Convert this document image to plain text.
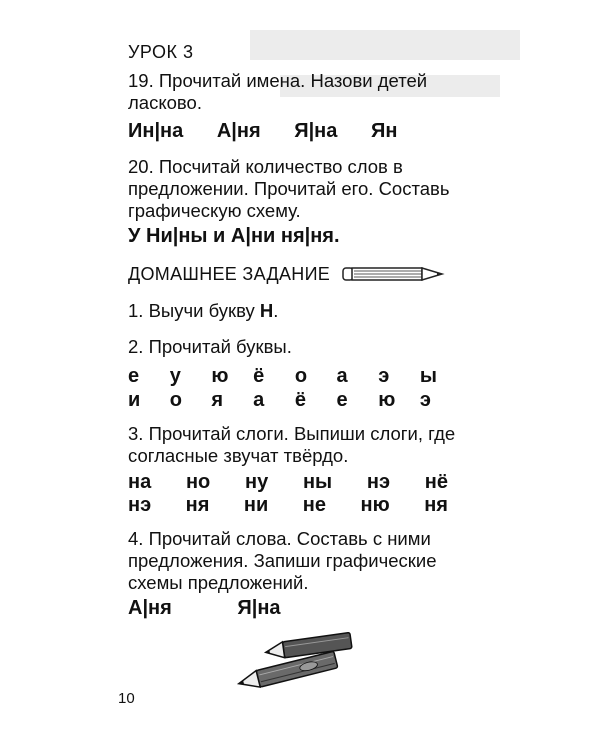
УРОК 3
19. Прочитай имена. Назови детей ласково.
Ин|на А|ня Я|на Ян
20. Посчитай количество слов в предложении. Прочитай его. Составь графическую схему.
У Ни|ны и А|ни ня|ня.
ДОМАШНЕЕ ЗАДАНИЕ
1. Выучи букву Н.
2. Прочитай буквы.
е	у	ю	ё	о	а	э	ы
и	о	я	а	ё	е	ю	э
3. Прочитай слоги. Выпиши слоги, где согласные звучат твёрдо.
на но ну ны нэ нё
нэ ня ни не ню ня
4. Прочитай слова. Составь с ними предложения. Запиши графические схемы предложений.
А|ня	Я|на
10
